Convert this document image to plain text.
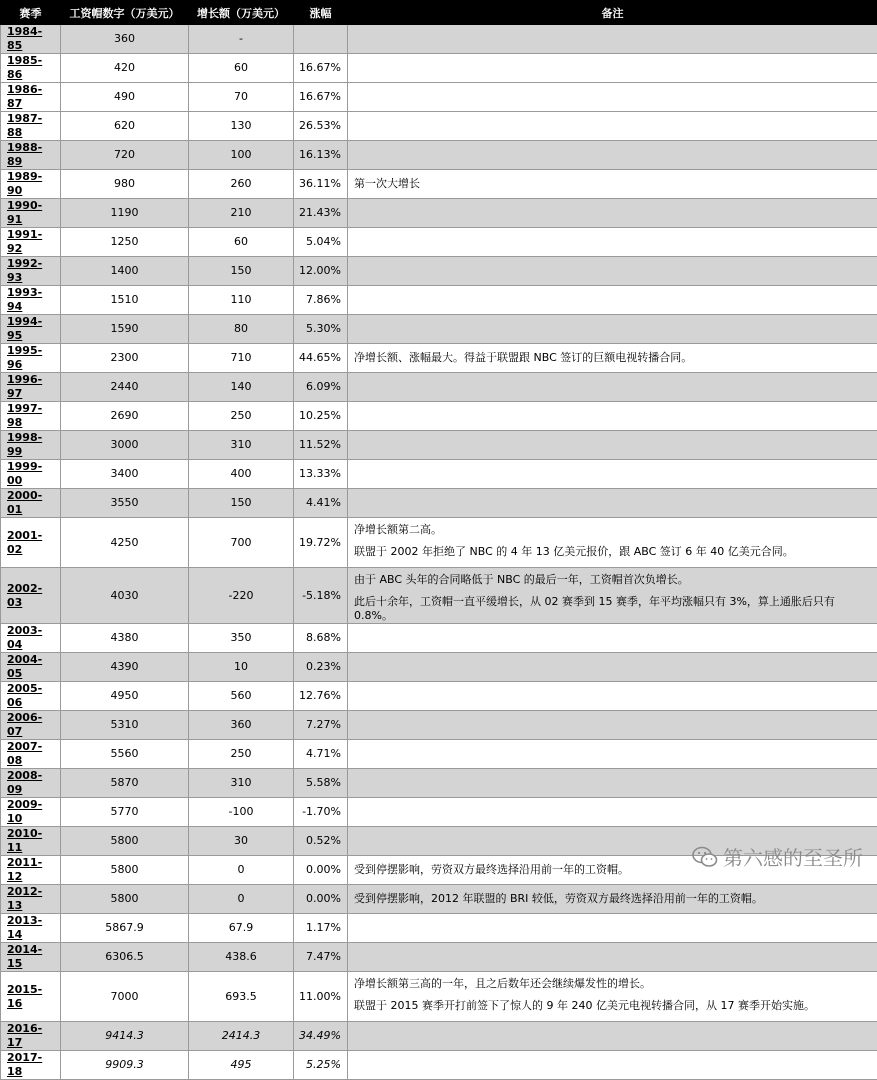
赛季	工资帽数字（万美元）	增长额（万美元）	涨幅	备注
1984-85	360	-		

1985-86	420	60	16.67%	

1986-87	490	70	16.67%	

1987-88	620	130	26.53%	

1988-89	720	100	16.13%	

1989-90	980	260	36.11%	第一次大增长

1990-91	1190	210	21.43%	

1991-92	1250	60	5.04%	

1992-93	1400	150	12.00%	

1993-94	1510	110	7.86%	

1994-95	1590	80	5.30%	

1995-96	2300	710	44.65%	净增长额、涨幅最大。得益于联盟跟 NBC 签订的巨额电视转播合同。

1996-97	2440	140	6.09%	

1997-98	2690	250	10.25%	

1998-99	3000	310	11.52%	

1999-00	3400	400	13.33%	

2000-01	3550	150	4.41%	

2001-02	4250	700	19.72%	净增长额第二高。
联盟于 2002 年拒绝了 NBC 的 4 年 13 亿美元报价，跟 ABC 签订 6 年 40 亿美元合同。

2002-03	4030	-220	-5.18%	由于 ABC 头年的合同略低于 NBC 的最后一年，工资帽首次负增长。
此后十余年，工资帽一直平缓增长，从 02 赛季到 15 赛季，年平均涨幅只有 3%，算上通胀后只有 0.8%。

2003-04	4380	350	8.68%	

2004-05	4390	10	0.23%	

2005-06	4950	560	12.76%	

2006-07	5310	360	7.27%	

2007-08	5560	250	4.71%	

2008-09	5870	310	5.58%	

2009-10	5770	-100	-1.70%	

2010-11	5800	30	0.52%	

2011-12	5800	0	0.00%	受到停摆影响，劳资双方最终选择沿用前一年的工资帽。

2012-13	5800	0	0.00%	受到停摆影响，2012 年联盟的 BRI 较低，劳资双方最终选择沿用前一年的工资帽。

2013-14	5867.9	67.9	1.17%	

2014-15	6306.5	438.6	7.47%	

2015-16	7000	693.5	11.00%	净增长额第三高的一年，且之后数年还会继续爆发性的增长。
联盟于 2015 赛季开打前签下了惊人的 9 年 240 亿美元电视转播合同，从 17 赛季开始实施。

2016-17	9414.3	2414.3	34.49%	

2017-18	9909.3	495	5.25%	
第六感的至圣所
